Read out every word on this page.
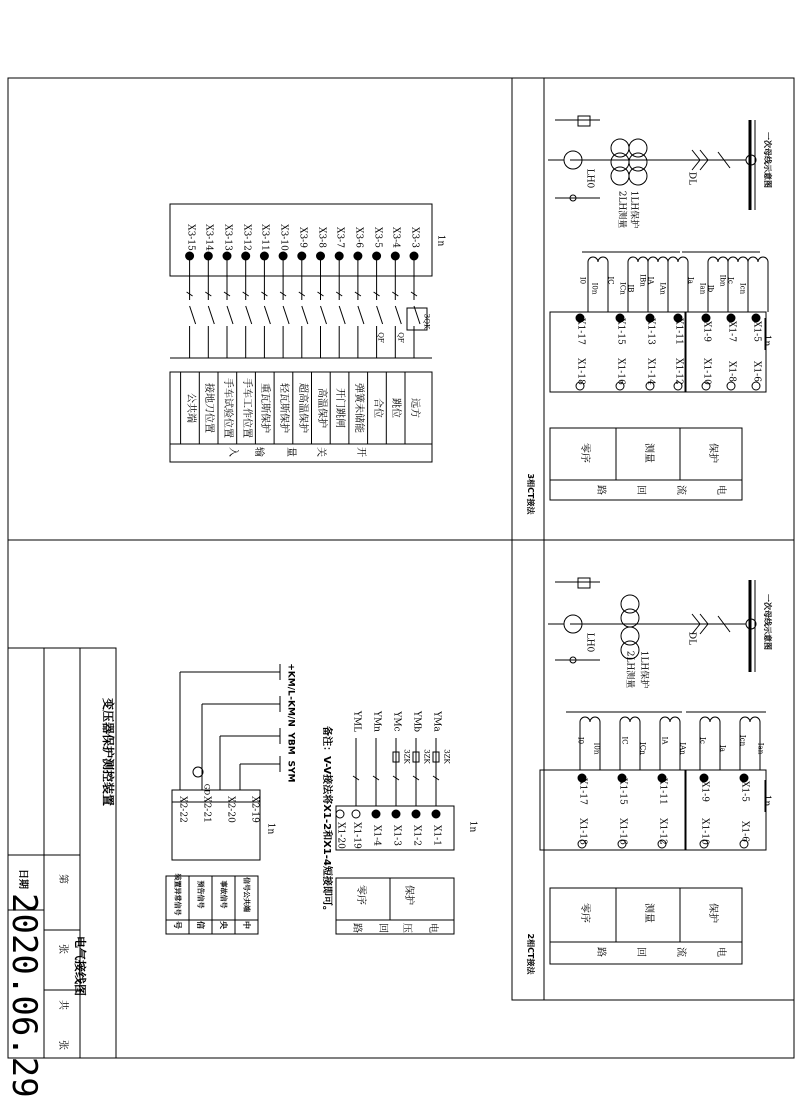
变压器保护测控装置
电气接线图
第
张
共
张
日期
2020.06.29
3相CT接法
一次母线示意图
DL
LH0
1LH保护
2LH测量
1n
I0
I0n
IC
IB
IA
ICn
IBn
IAn
Ia
Ib
Ic
Ian
Ibn
Icn
X1-17
X1-18
X1-15
X1-16
X1-13
X1-14
X1-11
X1-12
X1-9
X1-10
X1-7
X1-8
X1-5
X1-6
零序	测量	保护
电
流
回
路
2相CT接法
一次母线示意图
DL
LH0
1LH保护
2LH测量
1n
I0
I0n
IC
ICn
IA
IAn
Ic
Ia
Icn
Ian
X1-17
X1-18
X1-15
X1-16
X1-11
X1-12
X1-9
X1-10
X1-5
X1-6
零序	测量	保护
电
流
回
路
1n
X3-3
X3-4
X3-5
X3-6
X3-7
X3-8
X3-9
X3-10
X3-11
X3-12
X3-13
X3-14
X3-15
3QK
QF
QF
远方
跳位
合位
弹簧未储能
开门跳闸
高温保护
超高温保护
轻瓦斯保护
重瓦斯保护
手车工作位置
手车试验位置
接地刀位置
公共端
开
关
量
输
入
1n
YMa
3ZK
YMb
3ZK
YMc
3ZK
YMn
YML
X1-1
X1-2
X1-3
X1-4
X1-19
X1-20
保护
零序
电
压
回
路
备注：V-V接法将X1-2和X1-4短接即可。
1n
+KM/L
-KM/N
YBM
SYM
X2-19
X2-20
X2-21
X2-22
GD
中
央
信
号
信号公共端
事故信号
预告信号
装置异常信号
